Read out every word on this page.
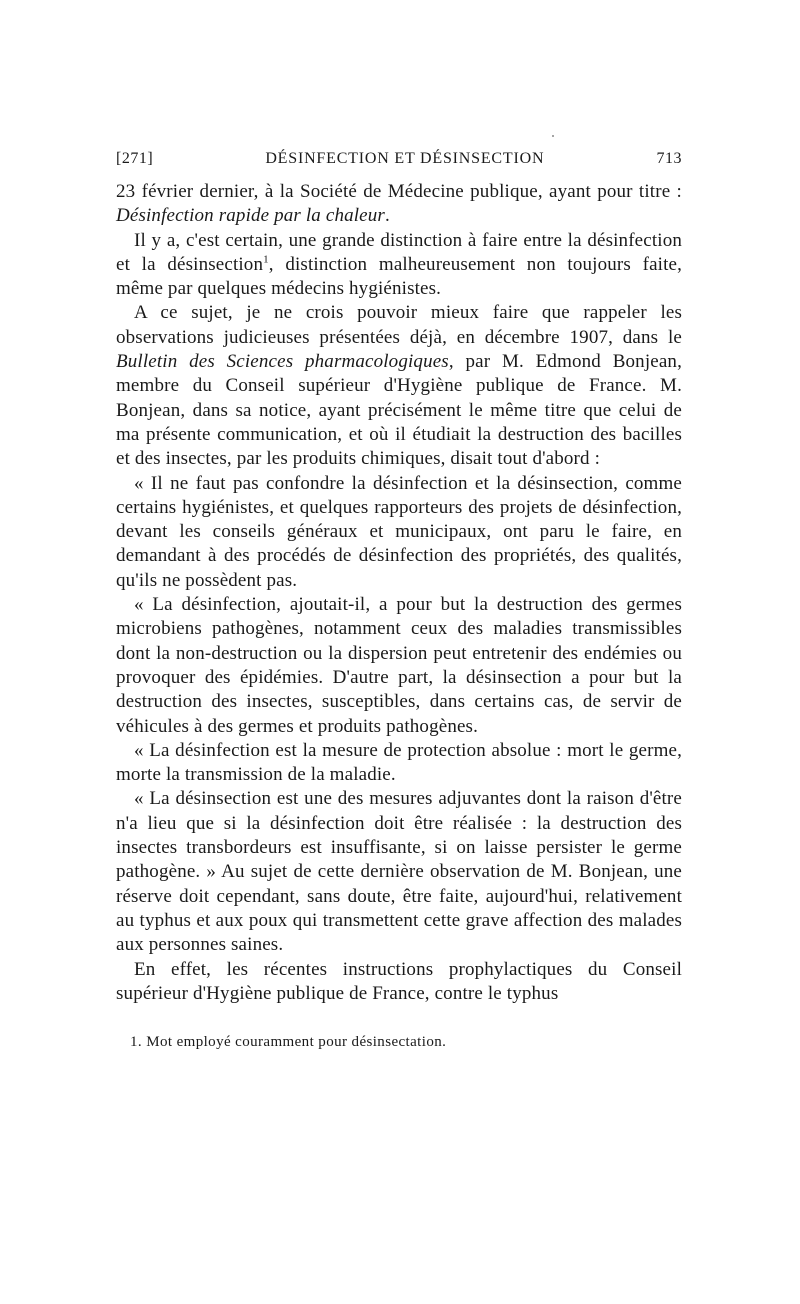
[271]	DÉSINFECTION ET DÉSINSECTION	713

23 février dernier, à la Société de Médecine publique, ayant pour titre : Désinfection rapide par la chaleur.

Il y a, c'est certain, une grande distinction à faire entre la désinfection et la désinsection$^1$, distinction malheureusement non toujours faite, même par quelques médecins hygiénistes.

A ce sujet, je ne crois pouvoir mieux faire que rappeler les observations judicieuses présentées déjà, en décembre 1907, dans le Bulletin des Sciences pharmacologiques, par M. Edmond Bonjean, membre du Conseil supérieur d'Hygiène publique de France. M. Bonjean, dans sa notice, ayant précisément le même titre que celui de ma présente communication, et où il étudiait la destruction des bacilles et des insectes, par les produits chimiques, disait tout d'abord :

« Il ne faut pas confondre la désinfection et la désinsection, comme certains hygiénistes, et quelques rapporteurs des projets de désinfection, devant les conseils généraux et municipaux, ont paru le faire, en demandant à des procédés de désinfection des propriétés, des qualités, qu'ils ne possèdent pas.

« La désinfection, ajoutait-il, a pour but la destruction des germes microbiens pathogènes, notamment ceux des maladies transmissibles dont la non-destruction ou la dispersion peut entretenir des endémies ou provoquer des épidémies. D'autre part, la désinsection a pour but la destruction des insectes, susceptibles, dans certains cas, de servir de véhicules à des germes et produits pathogènes.

« La désinfection est la mesure de protection absolue : mort le germe, morte la transmission de la maladie.

« La désinsection est une des mesures adjuvantes dont la raison d'être n'a lieu que si la désinfection doit être réalisée : la destruction des insectes transbordeurs est insuffisante, si on laisse persister le germe pathogène. » Au sujet de cette dernière observation de M. Bonjean, une réserve doit cependant, sans doute, être faite, aujourd'hui, relativement au typhus et aux poux qui transmettent cette grave affection des malades aux personnes saines.

En effet, les récentes instructions prophylactiques du Conseil supérieur d'Hygiène publique de France, contre le typhus

1. Mot employé couramment pour désinsectation.
